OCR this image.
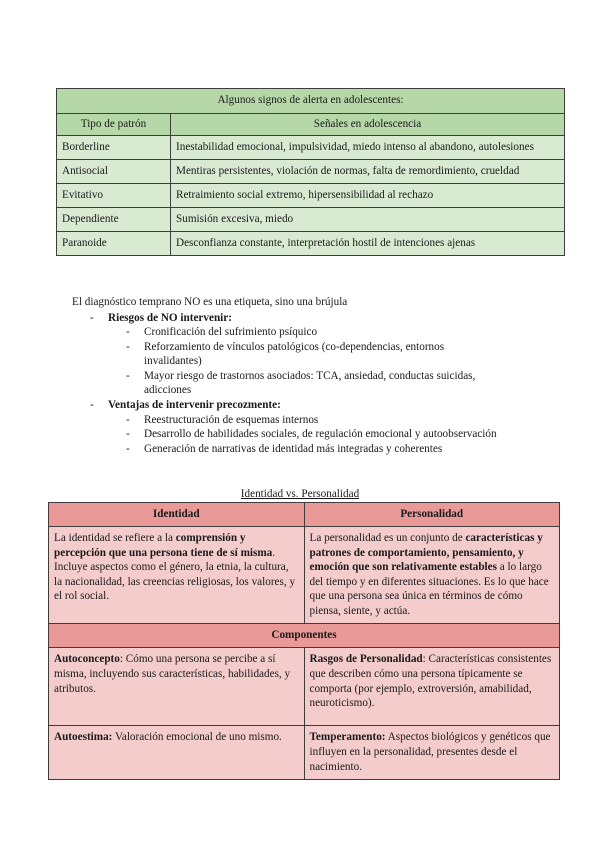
Algunos signos de alerta en adolescentes:	
Tipo de patrón	Señales en adolescencia
Borderline	Inestabilidad emocional, impulsividad, miedo intenso al abandono, autolesiones
Antisocial	Mentiras persistentes, violación de normas, falta de remordimiento, crueldad
Evitativo	Retraimiento social extremo, hipersensibilidad al rechazo
Dependiente	Sumisión excesiva, miedo
Paranoide	Desconfianza constante, interpretación hostil de intenciones ajenas

El diagnóstico temprano NO es una etiqueta, sino una brújula

- Riesgos de NO intervenir:
- Cronificación del sufrimiento psíquico
- Reforzamiento de vínculos patológicos (co-dependencias, entornos invalidantes)
- Mayor riesgo de trastornos asociados: TCA, ansiedad, conductas suicidas, adicciones
- Ventajas de intervenir precozmente:
- Reestructuración de esquemas internos
- Desarrollo de habilidades sociales, de regulación emocional y autoobservación
- Generación de narrativas de identidad más integradas y coherentes
Identidad vs. Personalidad
Identidad	Personalidad
La identidad se refiere a la comprensión y percepción que una persona tiene de sí misma. Incluye aspectos como el género, la etnia, la cultura, la nacionalidad, las creencias religiosas, los valores, y el rol social.	La personalidad es un conjunto de características y patrones de comportamiento, pensamiento, y emoción que son relativamente estables a lo largo del tiempo y en diferentes situaciones. Es lo que hace que una persona sea única en términos de cómo piensa, siente, y actúa.
Componentes	
Autoconcepto: Cómo una persona se percibe a sí misma, incluyendo sus características, habilidades, y atributos.	Rasgos de Personalidad: Características consistentes que describen cómo una persona típicamente se comporta (por ejemplo, extroversión, amabilidad, neuroticismo).
Autoestima: Valoración emocional de uno mismo.	Temperamento: Aspectos biológicos y genéticos que influyen en la personalidad, presentes desde el nacimiento.
